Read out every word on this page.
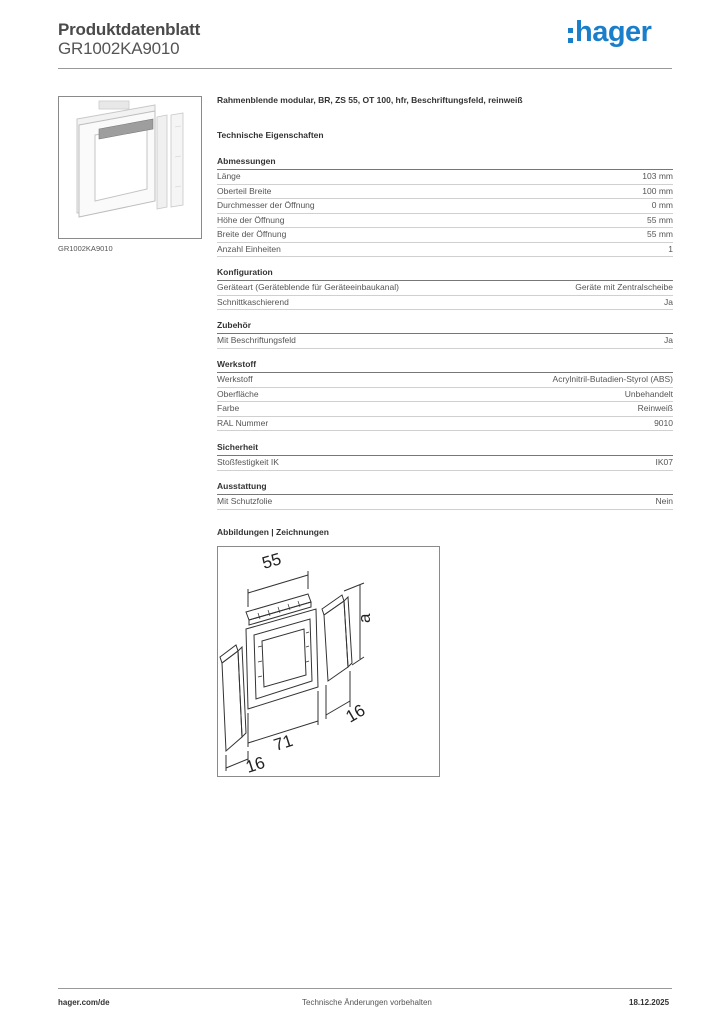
Produktdatenblatt
GR1002KA9010
hager
GR1002KA9010
Rahmenblende modular, BR, ZS 55, OT 100, hfr, Beschriftungsfeld, reinweiß
Technische Eigenschaften
Abmessungen
Länge	103 mm
Oberteil Breite	100 mm
Durchmesser der Öffnung	0 mm
Höhe der Öffnung	55 mm
Breite der Öffnung	55 mm
Anzahl Einheiten	1
Konfiguration
Geräteart (Geräteblende für Geräteeinbaukanal)	Geräte mit Zentralscheibe
Schnittkaschierend	Ja
Zubehör
Mit Beschriftungsfeld	Ja
Werkstoff
Werkstoff	Acrylnitril-Butadien-Styrol (ABS)
Oberfläche	Unbehandelt
Farbe	Reinweiß
RAL Nummer	9010
Sicherheit
Stoßfestigkeit IK	IK07
Ausstattung
Mit Schutzfolie	Nein
Abbildungen | Zeichnungen
55
a
16
71
16
hager.com/de	Technische Änderungen vorbehalten	18.12.2025
